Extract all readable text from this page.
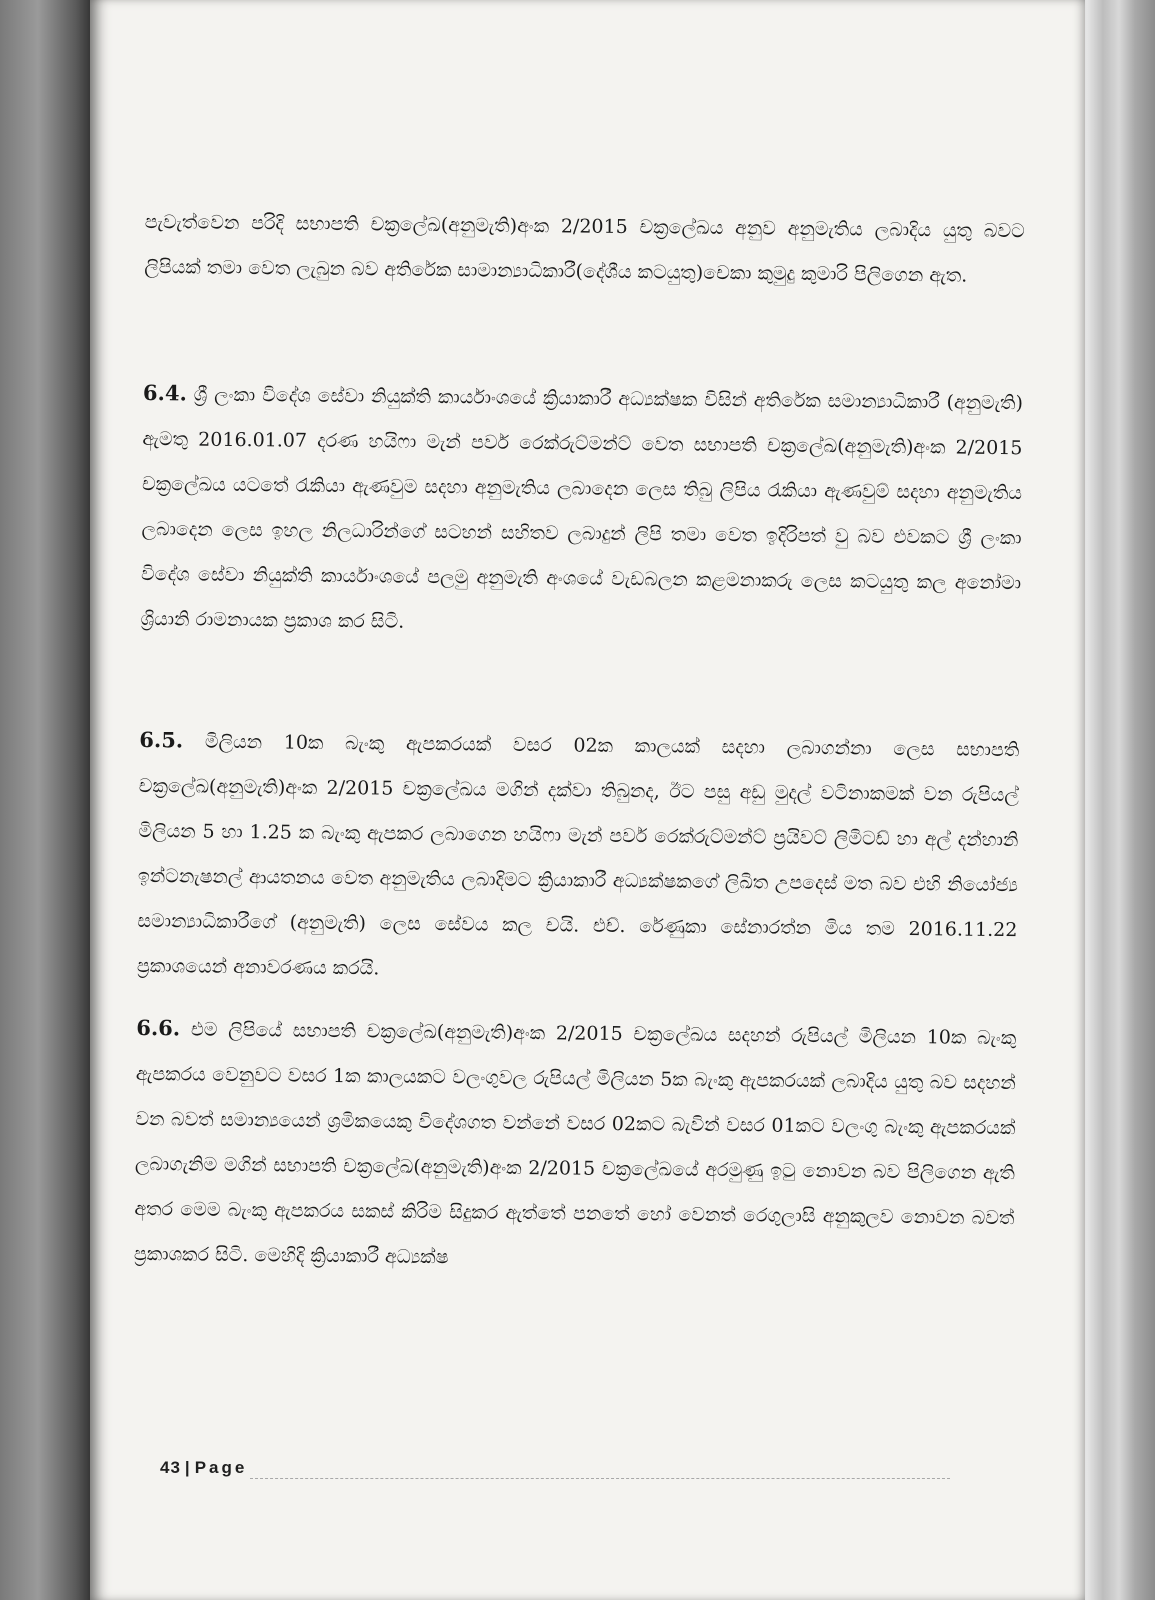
පැවැත්වෙන පරිදි සභාපති චක්‍රලේඛ(අනුමැති)අංක 2/2015 චක්‍රලේඛය අනුව අනුමැතිය ලබාදිය යුතු බවට ලිපියක් තමා වෙත ලැබුන බව අතිරේක සාමාන්‍යාධිකාරී(දේශීය කටයුතු)චෙකා කුමුදු කුමාරි පිලිගෙන ඇත.

6.4. ශ්‍රී ලංකා විදේශ සේවා නියුක්ති කාර්යාංශයේ ක්‍රියාකාරී අධ්‍යක්ෂක විසින් අතිරේක සමාන්‍යාධිකාරී (අනුමැති) ඇමතු 2016.01.07 දරණ හයිෆා මැන් පවර් රෙක්රුට්මන්ට් වෙත සභාපති චක්‍රලේඛ(අනුමැති)අංක 2/2015 චක්‍රලේඛය යටතේ රැකියා ඇණවුම සදහා අනුමැතිය ලබාදෙන ලෙස තිබු ලිපිය රැකියා ඇණවුම් සදහා අනුමැතිය ලබාදෙන ලෙස ඉහල නිලධාරින්ගේ සටහන් සහිතව ලබාදුන් ලිපි තමා වෙත ඉදිරිපත් වු බව එවකට ශ්‍රී ලංකා විදේශ සේවා නියුක්ති කාර්යාංශයේ පලමු අනුමැති අංශයේ වැඩබලන කළමනාකරු ලෙස කටයුතු කල අනෝමා ශ්‍රියානි රාමනායක ප්‍රකාශ කර සිටි.

6.5. මිලියන 10ක බැංකු ඇපකරයක් වසර 02ක කාලයක් සදහා ලබාගන්නා ලෙස සභාපති චක්‍රලේඛ(අනුමැති)අංක 2/2015 චක්‍රලේඛය මගින් දක්වා තිබුනද, ඊට පසු අඩු මුදල් වටිනාකමක් වන රුපියල් මිලියන 5 හා 1.25 ක බැංකු ඇපකර ලබාගෙන හයිෆා මැන් පවර් රෙක්රුට්මන්ට් ප්‍රයිවට් ලිමිටඩ් හා අල් දන්හානි ඉන්ටනැෂනල් ආයතනය වෙත අනුමැතිය ලබාදිමට ක්‍රියාකාරී අධ්‍යක්ෂකගේ ලිඛිත උපදෙස් මත බව එහි නියෝජ්‍ය සමාන්‍යාධිකාරීගේ (අනුමැති) ලෙස සේවය කල චයි. එච්. රේණුකා සේනාරත්න මිය තම 2016.11.22 ප්‍රකාශයෙන් අනාවරණය කරයි.

6.6. එම ලිපියේ සභාපති චක්‍රලේඛ(අනුමැති)අංක 2/2015 චක්‍රලේඛය සදහන් රුපියල් මිලියන 10ක බැංකු ඇපකරය වෙනුවට වසර 1ක කාලයකට වලංගුවල රුපියල් මිලියන 5ක බැංකු ඇපකරයක් ලබාදිය යුතු බව සදහන් වන බවත් සමාන්‍යයෙන් ශ්‍රමිකයෙකු විදේශගත වන්නේ වසර 02කට බැවින් වසර 01කට වලංගු බැංකු ඇපකරයක් ලබාගැනිම මගින් සභාපති චක්‍රලේඛ(අනුමැති)අංක 2/2015 චක්‍රලේඛයේ අරමුණු ඉටු නොවන බව පිලිගෙන ඇති අතර මෙම බැංකු ඇපකරය සකස් කිරිම සිදුකර ඇත්තේ පනතේ හෝ වෙනත් රෙගුලාසි අනුකුලව නොවන බවත් ප්‍රකාශකර සිටි. මෙහිදි ක්‍රියාකාරී අධ්‍යක්ෂ

43 | Page
